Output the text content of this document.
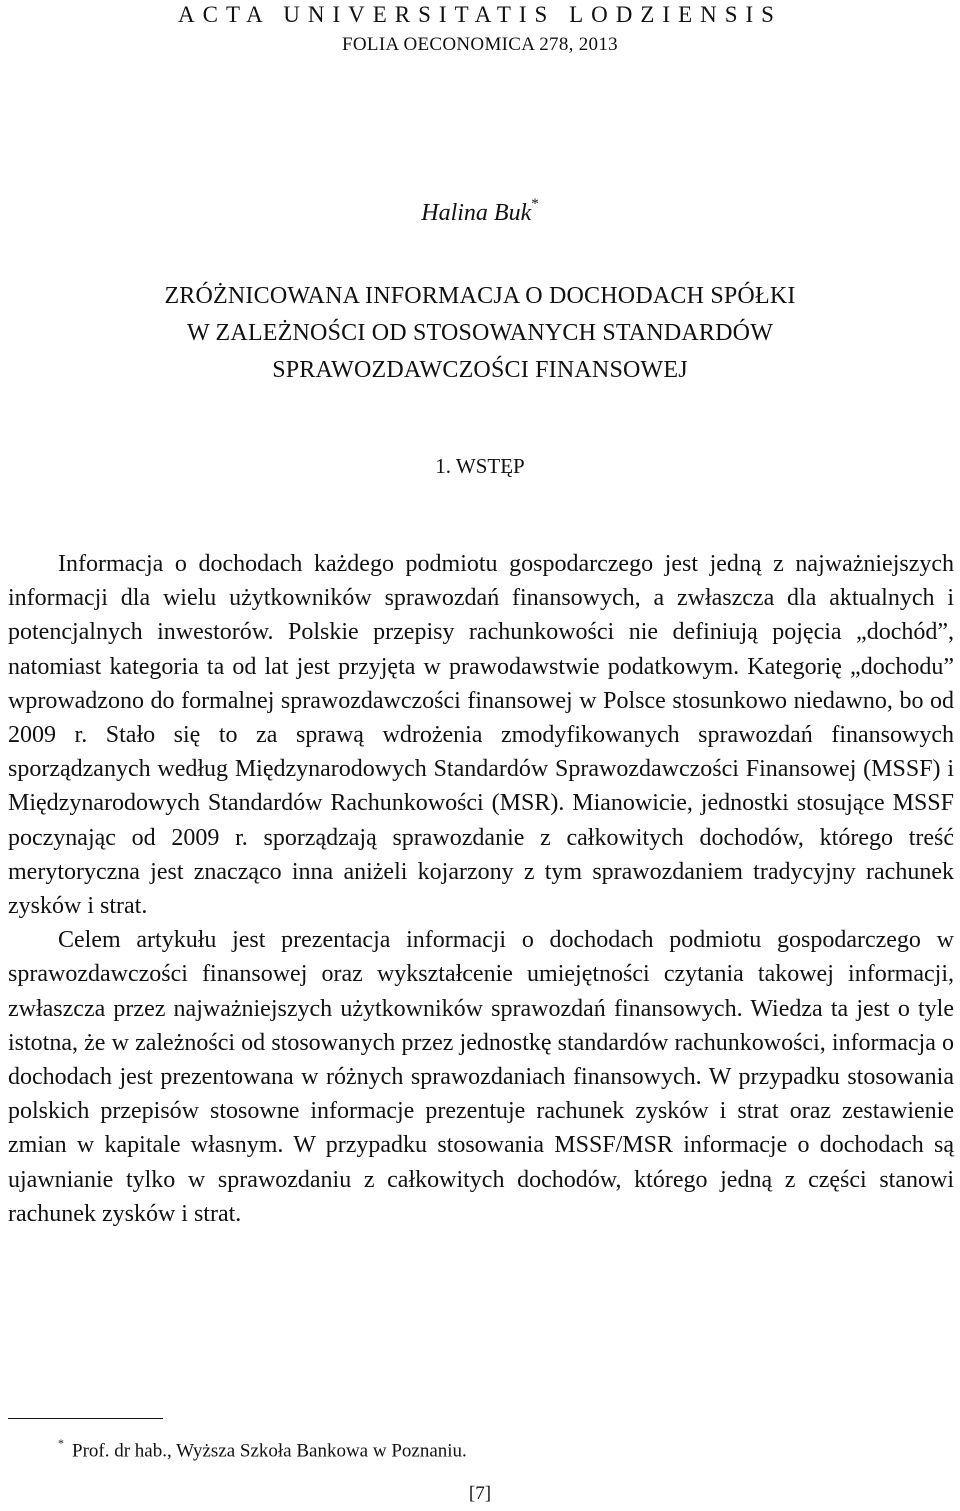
ACTA UNIVERSITATIS LODZIENSIS
FOLIA OECONOMICA 278, 2013
Halina Buk*
ZRÓŻNICOWANA INFORMACJA O DOCHODACH SPÓŁKI
W ZALEŻNOŚCI OD STOSOWANYCH STANDARDÓW
SPRAWOZDAWCZOŚCI FINANSOWEJ
1. WSTĘP

Informacja o dochodach każdego podmiotu gospodarczego jest jedną z najważniejszych informacji dla wielu użytkowników sprawozdań finansowych, a zwłaszcza dla aktualnych i potencjalnych inwestorów. Polskie przepisy rachunkowości nie definiują pojęcia „dochód”, natomiast kategoria ta od lat jest przyjęta w prawodawstwie podatkowym. Kategorię „dochodu” wprowadzono do formalnej sprawozdawczości finansowej w Polsce stosunkowo niedawno, bo od 2009 r. Stało się to za sprawą wdrożenia zmodyfikowanych sprawozdań finansowych sporządzanych według Międzynarodowych Standardów Sprawozdawczości Finansowej (MSSF) i Międzynarodowych Standardów Rachunkowości (MSR). Mianowicie, jednostki stosujące MSSF poczynając od 2009 r. sporządzają sprawozdanie z całkowitych dochodów, którego treść merytoryczna jest znacząco inna aniżeli kojarzony z tym sprawozdaniem tradycyjny rachunek zysków i strat.

Celem artykułu jest prezentacja informacji o dochodach podmiotu gospodarczego w sprawozdawczości finansowej oraz wykształcenie umiejętności czytania takowej informacji, zwłaszcza przez najważniejszych użytkowników sprawozdań finansowych. Wiedza ta jest o tyle istotna, że w zależności od stosowanych przez jednostkę standardów rachunkowości, informacja o dochodach jest prezentowana w różnych sprawozdaniach finansowych. W przypadku stosowania polskich przepisów stosowne informacje prezentuje rachunek zysków i strat oraz zestawienie zmian w kapitale własnym. W przypadku stosowania MSSF/MSR informacje o dochodach są ujawnianie tylko w sprawozdaniu z całkowitych dochodów, którego jedną z części stanowi rachunek zysków i strat.

* Prof. dr hab., Wyższa Szkoła Bankowa w Poznaniu.
[7]
